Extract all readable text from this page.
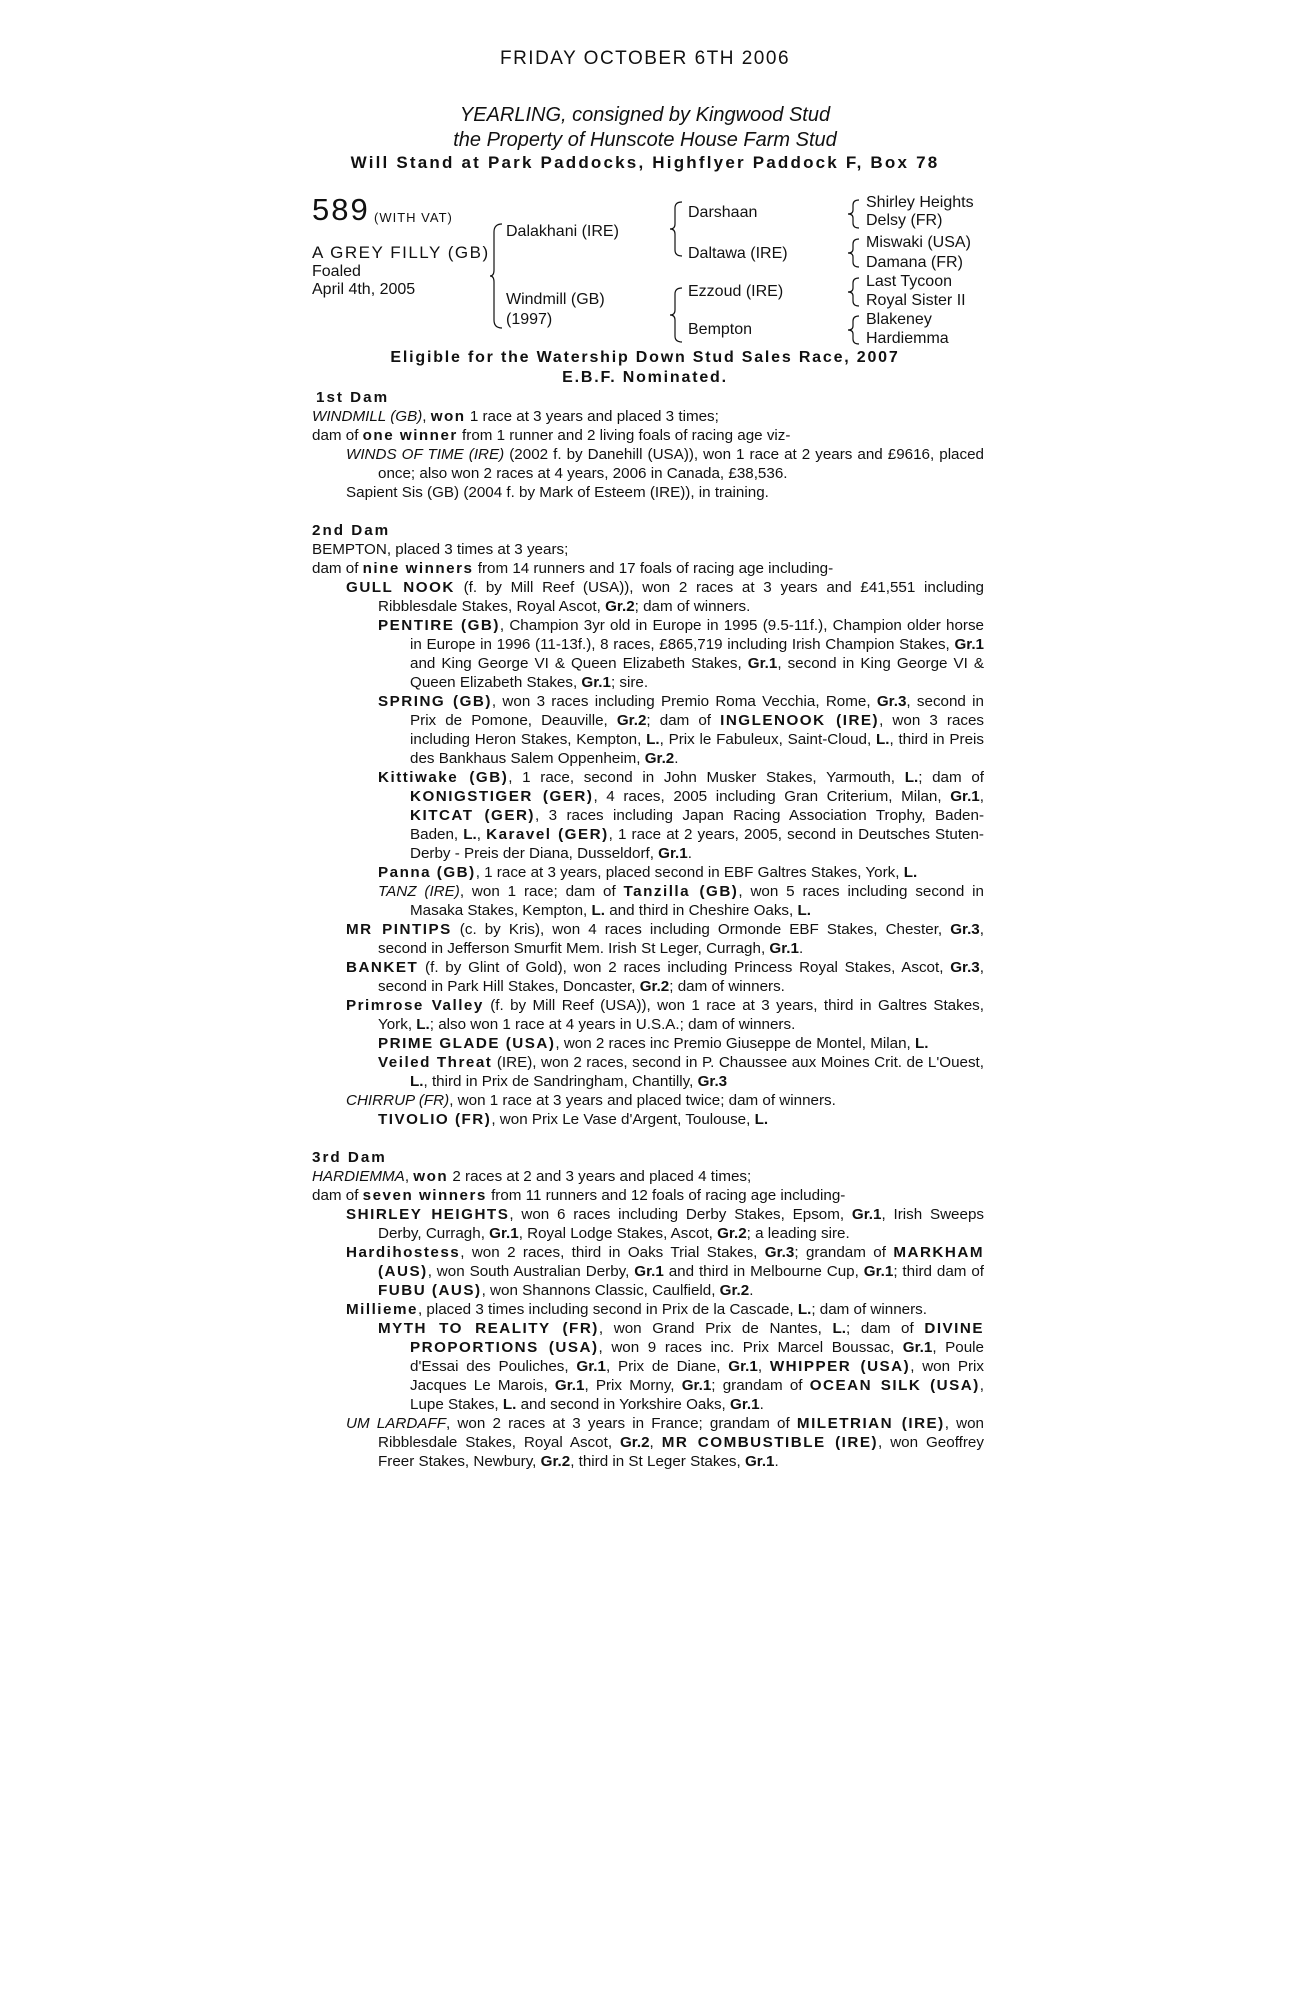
FRIDAY OCTOBER 6TH 2006
YEARLING, consigned by Kingwood Stud
the Property of Hunscote House Farm Stud
Will Stand at Park Paddocks, Highflyer Paddock F, Box 78
589 (WITH VAT)
A GREY FILLY (GB)
Foaled
April 4th, 2005
Dalakhani (IRE)
Windmill (GB)
(1997)
Darshaan
Daltawa (IRE)
Ezzoud (IRE)
Bempton
Shirley Heights
Delsy (FR)
Miswaki (USA)
Damana (FR)
Last Tycoon
Royal Sister II
Blakeney
Hardiemma
Eligible for the Watership Down Stud Sales Race, 2007
E.B.F. Nominated.

1st Dam

WINDMILL (GB), won 1 race at 3 years and placed 3 times;

dam of one winner from 1 runner and 2 living foals of racing age viz-

WINDS OF TIME (IRE) (2002 f. by Danehill (USA)), won 1 race at 2 years and £9616, placed once; also won 2 races at 4 years, 2006 in Canada, £38,536.

Sapient Sis (GB) (2004 f. by Mark of Esteem (IRE)), in training.

2nd Dam

BEMPTON, placed 3 times at 3 years;

dam of nine winners from 14 runners and 17 foals of racing age including-

GULL NOOK (f. by Mill Reef (USA)), won 2 races at 3 years and £41,551 including Ribblesdale Stakes, Royal Ascot, Gr.2; dam of winners.

PENTIRE (GB), Champion 3yr old in Europe in 1995 (9.5-11f.), Champion older horse in Europe in 1996 (11-13f.), 8 races, £865,719 including Irish Champion Stakes, Gr.1 and King George VI & Queen Elizabeth Stakes, Gr.1, second in King George VI & Queen Elizabeth Stakes, Gr.1; sire.

SPRING (GB), won 3 races including Premio Roma Vecchia, Rome, Gr.3, second in Prix de Pomone, Deauville, Gr.2; dam of INGLENOOK (IRE), won 3 races including Heron Stakes, Kempton, L., Prix le Fabuleux, Saint-Cloud, L., third in Preis des Bankhaus Salem Oppenheim, Gr.2.

Kittiwake (GB), 1 race, second in John Musker Stakes, Yarmouth, L.; dam of KONIGSTIGER (GER), 4 races, 2005 including Gran Criterium, Milan, Gr.1, KITCAT (GER), 3 races including Japan Racing Association Trophy, Baden-Baden, L., Karavel (GER), 1 race at 2 years, 2005, second in Deutsches Stuten-Derby - Preis der Diana, Dusseldorf, Gr.1.

Panna (GB), 1 race at 3 years, placed second in EBF Galtres Stakes, York, L.

TANZ (IRE), won 1 race; dam of Tanzilla (GB), won 5 races including second in Masaka Stakes, Kempton, L. and third in Cheshire Oaks, L.

MR PINTIPS (c. by Kris), won 4 races including Ormonde EBF Stakes, Chester, Gr.3, second in Jefferson Smurfit Mem. Irish St Leger, Curragh, Gr.1.

BANKET (f. by Glint of Gold), won 2 races including Princess Royal Stakes, Ascot, Gr.3, second in Park Hill Stakes, Doncaster, Gr.2; dam of winners.

Primrose Valley (f. by Mill Reef (USA)), won 1 race at 3 years, third in Galtres Stakes, York, L.; also won 1 race at 4 years in U.S.A.; dam of winners.

PRIME GLADE (USA), won 2 races inc Premio Giuseppe de Montel, Milan, L.

Veiled Threat (IRE), won 2 races, second in P. Chaussee aux Moines Crit. de L'Ouest, L., third in Prix de Sandringham, Chantilly, Gr.3

CHIRRUP (FR), won 1 race at 3 years and placed twice; dam of winners.

TIVOLIO (FR), won Prix Le Vase d'Argent, Toulouse, L.

3rd Dam

HARDIEMMA, won 2 races at 2 and 3 years and placed 4 times;

dam of seven winners from 11 runners and 12 foals of racing age including-

SHIRLEY HEIGHTS, won 6 races including Derby Stakes, Epsom, Gr.1, Irish Sweeps Derby, Curragh, Gr.1, Royal Lodge Stakes, Ascot, Gr.2; a leading sire.

Hardihostess, won 2 races, third in Oaks Trial Stakes, Gr.3; grandam of MARKHAM (AUS), won South Australian Derby, Gr.1 and third in Melbourne Cup, Gr.1; third dam of FUBU (AUS), won Shannons Classic, Caulfield, Gr.2.

Millieme, placed 3 times including second in Prix de la Cascade, L.; dam of winners.

MYTH TO REALITY (FR), won Grand Prix de Nantes, L.; dam of DIVINE PROPORTIONS (USA), won 9 races inc. Prix Marcel Boussac, Gr.1, Poule d'Essai des Pouliches, Gr.1, Prix de Diane, Gr.1, WHIPPER (USA), won Prix Jacques Le Marois, Gr.1, Prix Morny, Gr.1; grandam of OCEAN SILK (USA), Lupe Stakes, L. and second in Yorkshire Oaks, Gr.1.

UM LARDAFF, won 2 races at 3 years in France; grandam of MILETRIAN (IRE), won Ribblesdale Stakes, Royal Ascot, Gr.2, MR COMBUSTIBLE (IRE), won Geoffrey Freer Stakes, Newbury, Gr.2, third in St Leger Stakes, Gr.1.
